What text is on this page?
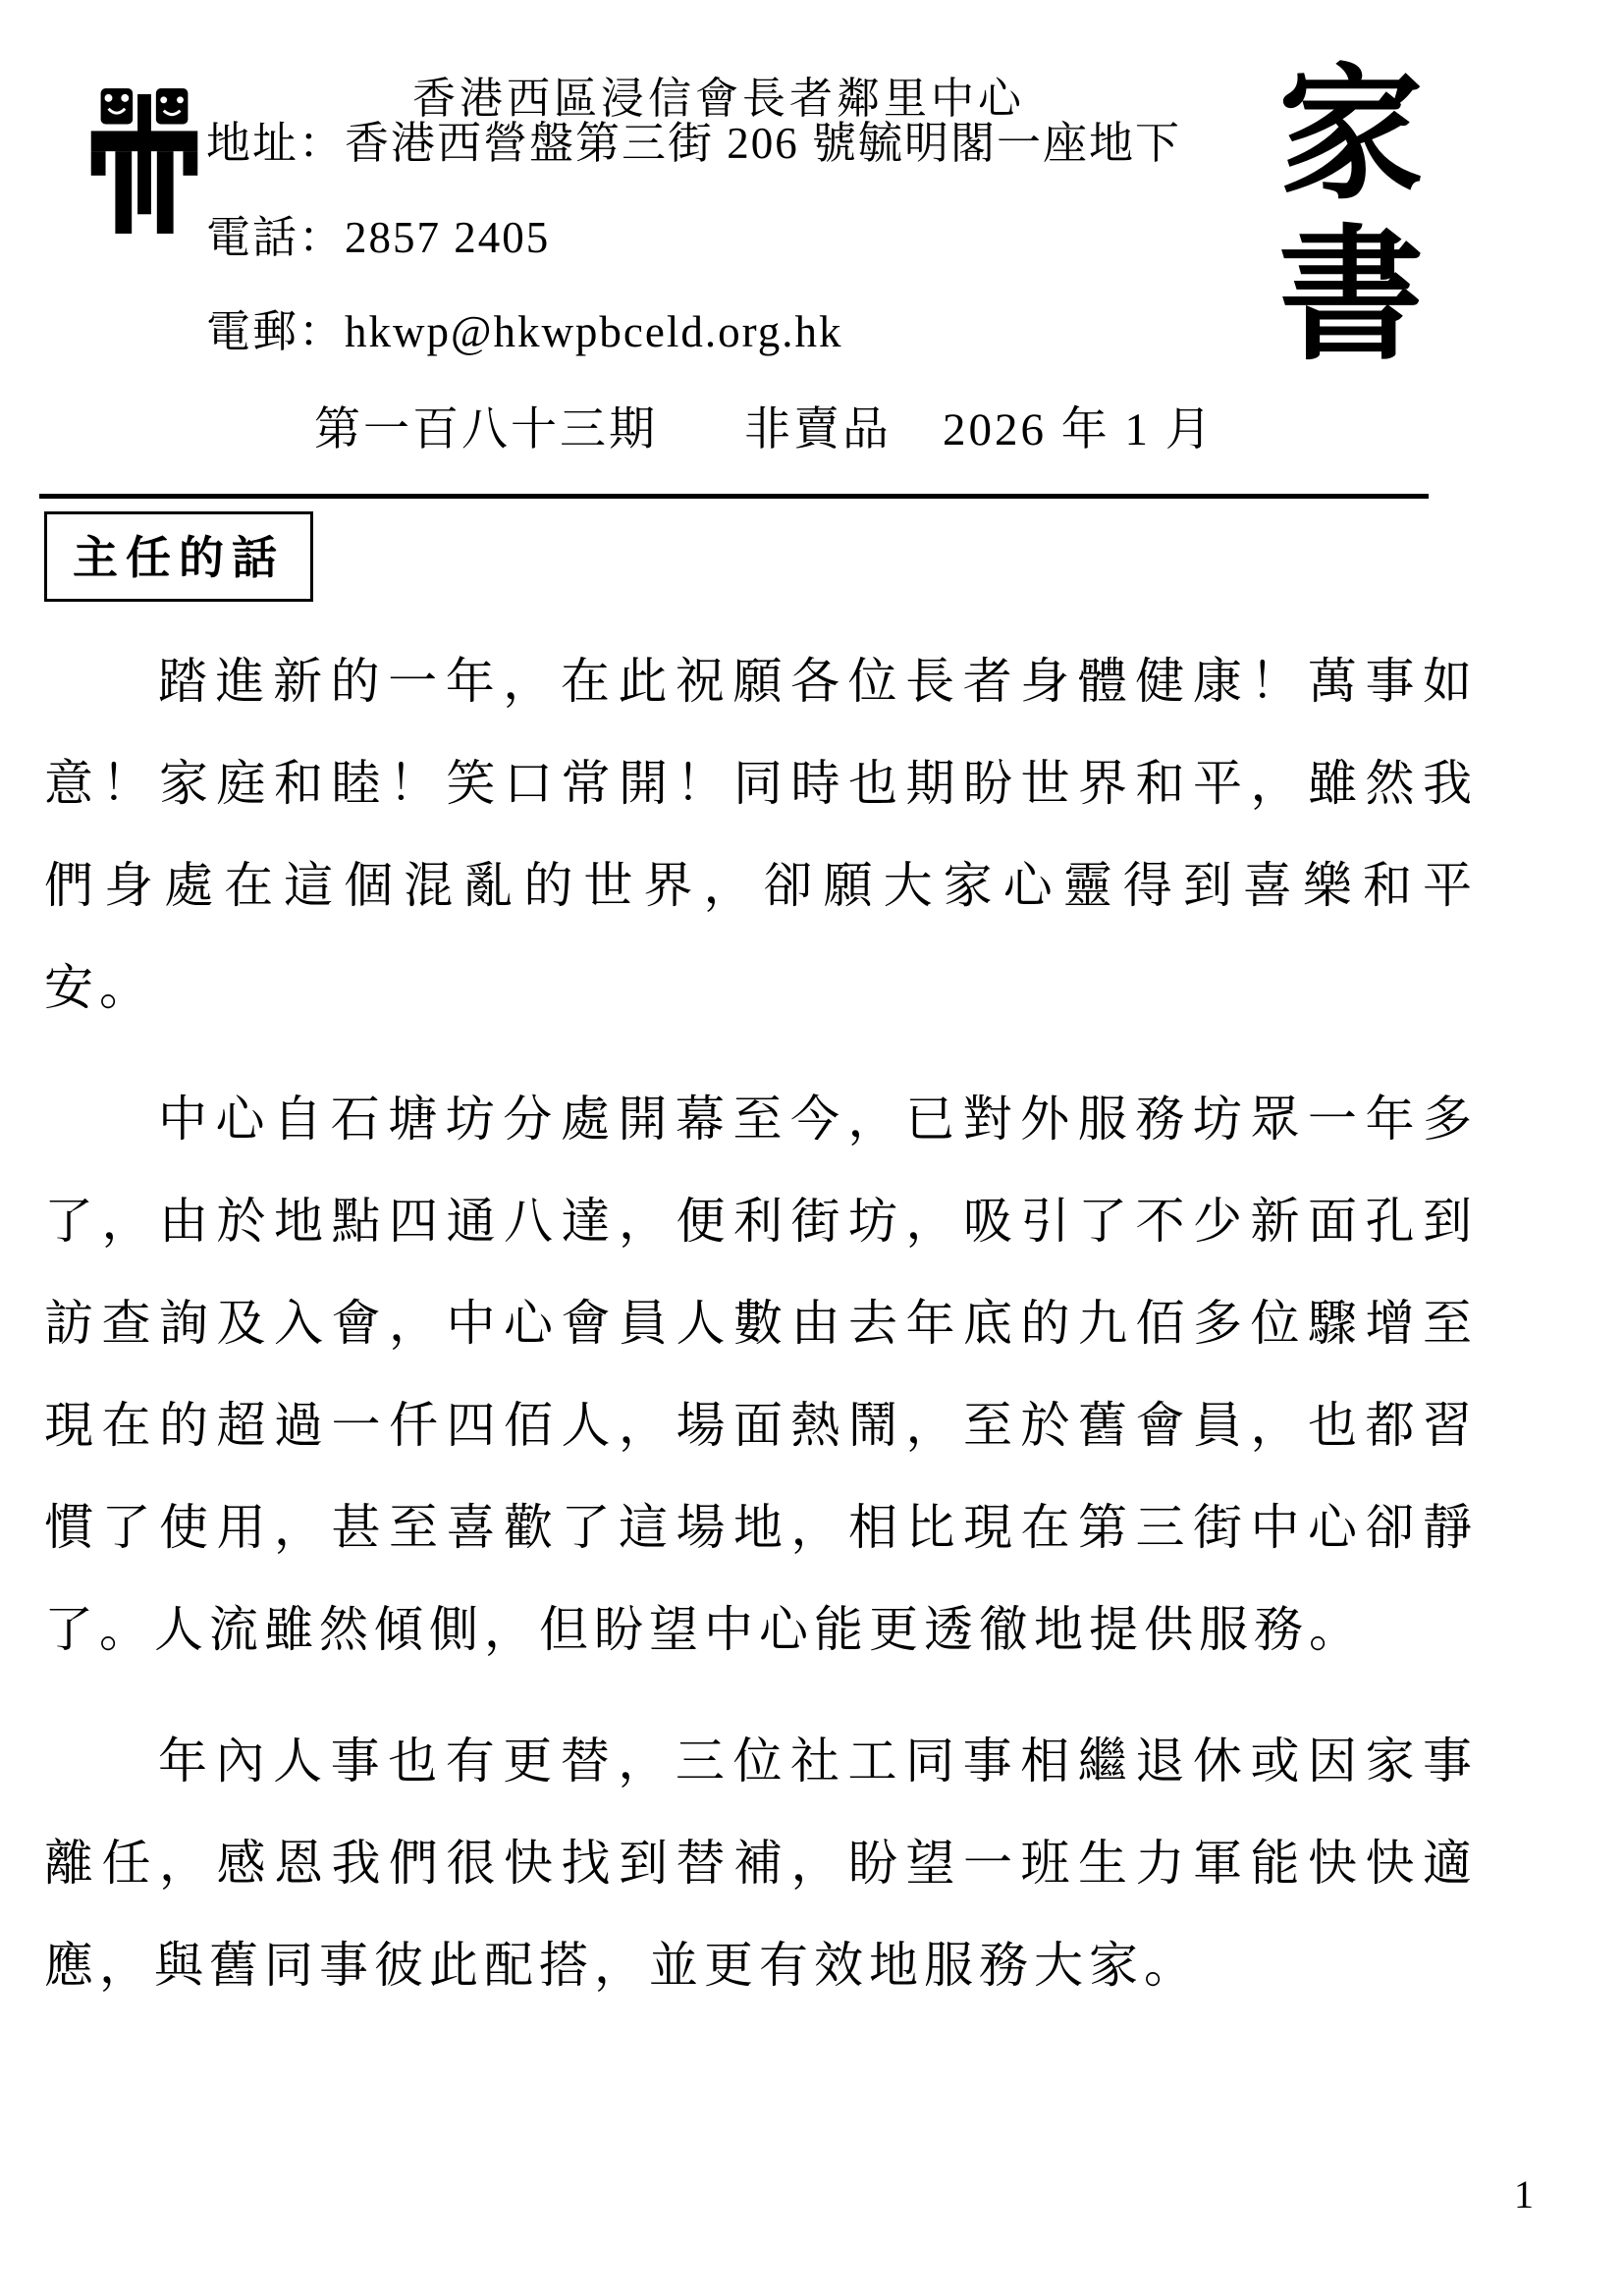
香港西區浸信會長者鄰里中心
地址：香港西營盤第三街 206 號毓明閣一座地下
電話：2857 2405
電郵：hkwp@hkwpbceld.org.hk
第一百八十三期 非賣品 2026 年 1 月
家書
主任的話
踏進新的一年，在此祝願各位長者身體健康！萬事如
意！家庭和睦！笑口常開！同時也期盼世界和平，雖然我
們身處在這個混亂的世界，卻願大家心靈得到喜樂和平
安。
中心自石塘坊分處開幕至今，已對外服務坊眾一年多
了，由於地點四通八達，便利街坊，吸引了不少新面孔到
訪查詢及入會，中心會員人數由去年底的九佰多位驟增至
現在的超過一仟四佰人，場面熱鬧，至於舊會員，也都習
慣了使用，甚至喜歡了這場地，相比現在第三街中心卻靜
了。人流雖然傾側，但盼望中心能更透徹地提供服務。
年內人事也有更替，三位社工同事相繼退休或因家事
離任，感恩我們很快找到替補，盼望一班生力軍能快快適
應，與舊同事彼此配搭，並更有效地服務大家。
1
